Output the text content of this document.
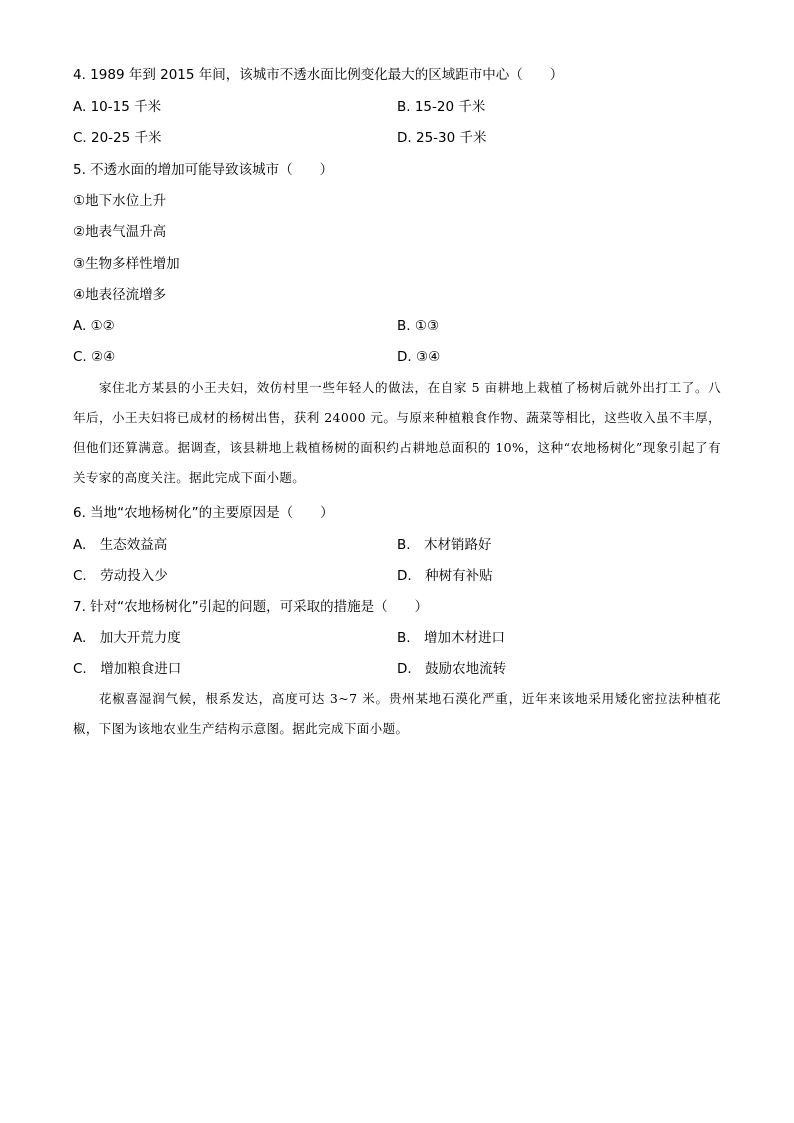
4. 1989 年到 2015 年间，该城市不透水面比例变化最大的区域距市中心（　　）
A. 10-15 千米	B. 15-20 千米
C. 20-25 千米	D. 25-30 千米
5. 不透水面的增加可能导致该城市（　　）
①地下水位上升
②地表气温升高
③生物多样性增加
④地表径流增多
A. ①②	B. ①③
C. ②④	D. ③④
家住北方某县的小王夫妇，效仿村里一些年轻人的做法，在自家 5 亩耕地上栽植了杨树后就外出打工了。八年后，小王夫妇将已成材的杨树出售，获利 24000 元。与原来种植粮食作物、蔬菜等相比，这些收入虽不丰厚，但他们还算满意。据调查，该县耕地上栽植杨树的面积约占耕地总面积的 10%，这种“农地杨树化”现象引起了有关专家的高度关注。据此完成下面小题。
6. 当地“农地杨树化”的主要原因是（　　）
A.　生态效益高	B.　木材销路好
C.　劳动投入少	D.　种树有补贴
7. 针对“农地杨树化”引起的问题，可采取的措施是（　　）
A.　加大开荒力度	B.　增加木材进口
C.　增加粮食进口	D.　鼓励农地流转
花椒喜湿润气候，根系发达，高度可达 3~7 米。贵州某地石漠化严重，近年来该地采用矮化密拉法种植花椒，下图为该地农业生产结构示意图。据此完成下面小题。
